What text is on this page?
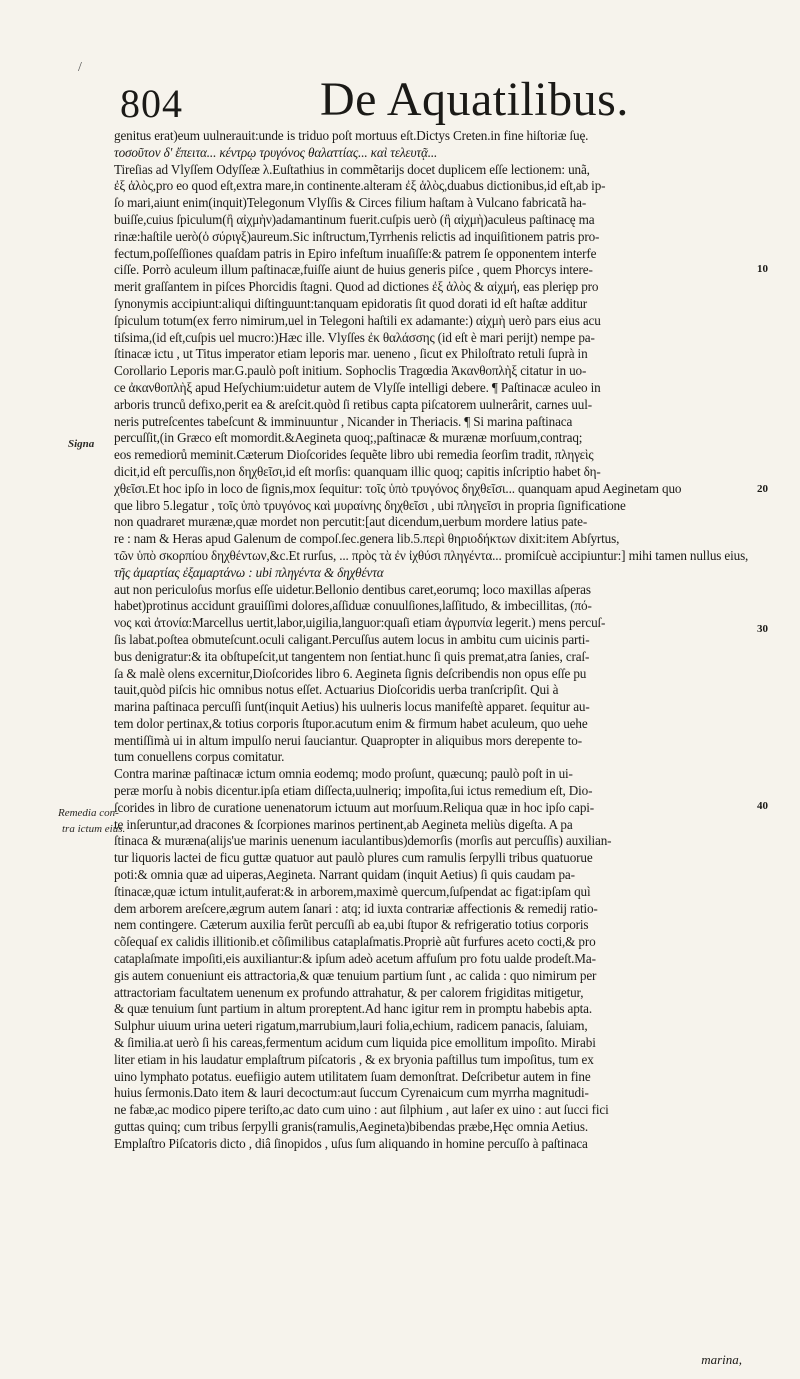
/
804	De Aquatilibus.
Signa
Remedia con-
tra ictum eius.
10
20
30
40
genitus erat)eum uulnerauit:unde is triduo poſt mortuus eſt.Dictys Creten.in fine hiſtoriæ ſuę.
τοσοῦτον δ' ἔπειτα... κέντρῳ τρυγόνος θαλαττίας... καὶ τελευτᾷ...
Tireſias ad Vlyſſem Odyſſeæ λ.Euſtathius in commẽtarijs docet duplicem eſſe lectionem: unã,
ἐξ ἁλὸς,pro eo quod eſt,extra mare,in continente.alteram ἐξ ἁλὸς,duabus dictionibus,id eſt,ab ip-
ſo mari,aiunt enim(inquit)Telegonum Vlyſſis & Circes filium haſtam à Vulcano fabricatã ha-
buiſſe,cuius ſpiculum(ἢ αἰχμὴν)adamantinum fuerit.cuſpis uerò (ἢ αἰχμὴ)aculeus paſtinacę ma
rinæ:haſtile uerò(ὁ σύριγξ)aureum.Sic inſtructum,Tyrrhenis relictis ad inquiſitionem patris pro-
fectum,poſſeſſiones quaſdam patris in Epiro infeſtum inuaſiſſe:& patrem ſe opponentem interfe
ciſſe. Porrò aculeum illum paſtinacæ,fuiſſe aiunt de huius generis piſce , quem Phorcys intere-
merit graſſantem in piſces Phorcidis ſtagni. Quod ad dictiones ἐξ ἁλὸς & αἰχμή, eas plerięp pro
ſynonymis accipiunt:aliqui diſtinguunt:tanquam epidoratis ſit quod dorati id eſt haſtæ additur
ſpiculum totum(ex ferro nimirum,uel in Telegoni haſtili ex adamante:) αἰχμὴ uerò pars eius acu
tiſsima,(id eſt,cuſpis uel mucro:)Hæc ille. Vlyſſes ἐκ θαλάσσης (id eſt è mari perijt) nempe pa-
ſtinacæ ictu , ut Titus imperator etiam leporis mar. ueneno , ſicut ex Philoſtrato retuli ſuprà in
Corollario Leporis mar.G.paulò poſt initium. Sophoclis Tragœdia Ἀκανθοπλὴξ citatur in uo-
ce ἀκανθοπλὴξ apud Heſychium:uidetur autem de Vlyſſe intelligi debere. ¶ Paſtinacæ aculeo in
arboris trunců defixo,perit ea & areſcit.quòd ſi retibus capta piſcatorem uulnerârit, carnes uul-
neris putreſcentes tabeſcunt & imminuuntur , Nicander in Theriacis. ¶ Si marina paſtinaca
percuſſit,(in Græco eſt momordit.&Aegineta quoq;,paſtinacæ & murænæ morſuum,contraq;
eos remediorů meminit.Cæterum Dioſcorides ſequẽte libro ubi remedia ſeorſim tradit, πληγεὶς
dicit,id eſt percuſſis,non δηχθεῖσι,id eſt morſis: quanquam illic quoq; capitis inſcriptio habet δη-
χθεῖσι.Et hoc ipſo in loco de ſignis,mox ſequitur: τοῖς ὑπὸ τρυγόνος δηχθεῖσι... quanquam apud Aeginetam quo
que libro 5.legatur , τοῖς ὑπὸ τρυγόνος καὶ μυραίνης δηχθεῖσι , ubi πληγεῖσι in propria ſignificatione
non quadraret murænæ,quæ mordet non percutit:[aut dicendum,uerbum mordere latius pate-
re : nam & Heras apud Galenum de compoſ.ſec.genera lib.5.περὶ θηριοδήκτων dixit:item Abſyrtus,
τῶν ὑπὸ σκορπίου δηχθέντων,&c.Et rurſus, ... πρὸς τὰ ἐν ἰχθύσι πληγέντα... promiſcuè accipiuntur:] mihi tamen nullus eius,
τῆς ἀμαρτίας ἐξαμαρτάνω : ubi πληγέντα & δηχθέντα
aut non periculoſus morſus eſſe uidetur.Bellonio dentibus caret,eorumq; loco maxillas aſperas
habet)protinus accidunt grauiſſimi dolores,aſſiduæ conuulſiones,laſſitudo, & imbecillitas, (πό-
νος καὶ ἀτονία:Marcellus uertit,labor,uigilia,languor:quaſi etiam ἀγρυπνία legerit.) mens percuſ-
ſis labat.poſtea obmuteſcunt.oculi caligant.Percuſſus autem locus in ambitu cum uicinis parti-
bus denigratur:& ita obſtupeſcit,ut tangentem non ſentiat.hunc ſi quis premat,atra ſanies, craſ-
ſa & malè olens excernitur,Dioſcorides libro 6. Aegineta ſignis deſcribendis non opus eſſe pu
tauit,quòd piſcis hic omnibus notus eſſet. Actuarius Dioſcoridis uerba tranſcripſit. Qui à
marina paſtinaca percuſſi ſunt(inquit Aetius) his uulneris locus manifeſtè apparet. ſequitur au-
tem dolor pertinax,& totius corporis ſtupor.acutum enim & firmum habet aculeum, quo uehe
mentiſſimà ui in altum impulſo nerui ſauciantur. Quapropter in aliquibus mors derepente to-
tum conuellens corpus comitatur.
Contra marinæ paſtinacæ ictum omnia eodemq; modo proſunt, quæcunq; paulò poſt in ui-
peræ morſu à nobis dicentur.ipſa etiam diſſecta,uulneriq; impoſita,ſui ictus remedium eſt, Dio-
ſcorides in libro de curatione uenenatorum ictuum aut morſuum.Reliqua quæ in hoc ipſo capi-
te inſeruntur,ad dracones & ſcorpiones marinos pertinent,ab Aegineta meliùs digeſta. A pa
ſtinaca & muræna(alijs'ue marinis uenenum iaculantibus)demorſis (morſis aut percuſſis) auxilian-
tur liquoris lactei de ficu guttæ quatuor aut paulò plures cum ramulis ſerpylli tribus quatuorue
poti:& omnia quæ ad uiperas,Aegineta. Narrant quidam (inquit Aetius) ſi quis caudam pa-
ſtinacæ,quæ ictum intulit,auferat:& in arborem,maximè quercum,ſuſpendat ac figat:ipſam quì
dem arborem areſcere,ægrum autem ſanari : atq; id iuxta contrariæ affectionis & remedij ratio-
nem contingere. Cæterum auxilia ferũt percuſſi ab ea,ubi ſtupor & refrigeratio totius corporis
cõſequaſ ex calidis illitionib.et cõſimilibus cataplaſmatis.Propriè aũt furfures aceto cocti,& pro
cataplaſmate impoſiti,eis auxiliantur:& ipſum adeò acetum affuſum pro fotu ualde prodeſt.Ma-
gis autem conueniunt eis attractoria,& quæ tenuium partium ſunt , ac calida : quo nimirum per
attractoriam facultatem uenenum ex profundo attrahatur, & per calorem frigiditas mitigetur,
& quæ tenuium ſunt partium in altum proreptent.Ad hanc igitur rem in promptu habebis apta.
Sulphur uiuum urina ueteri rigatum,marrubium,lauri folia,echium, radicem panacis, ſaluiam,
& ſimilia.at uerò ſi his careas,fermentum acidum cum liquida pice emollitum impoſito. Mirabi
liter etiam in his laudatur emplaſtrum piſcatoris , & ex bryonia paſtillus tum impoſitus, tum ex
uino lymphato potatus. euefiigio autem utilitatem ſuam demonſtrat. Deſcribetur autem in fine
huius ſermonis.Dato item & lauri decoctum:aut ſuccum Cyrenaicum cum myrrha magnitudi-
ne fabæ,ac modico pipere teriſto,ac dato cum uino : aut ſilphium , aut laſer ex uino : aut ſucci fici
guttas quinq; cum tribus ſerpylli granis(ramulis,Aegineta)bibendas præbe,Hęc omnia Aetius.
Emplaſtro Piſcatoris dicto , diâ ſinopidos , uſus ſum aliquando in homine percuſſo à paſtinaca
marina,
